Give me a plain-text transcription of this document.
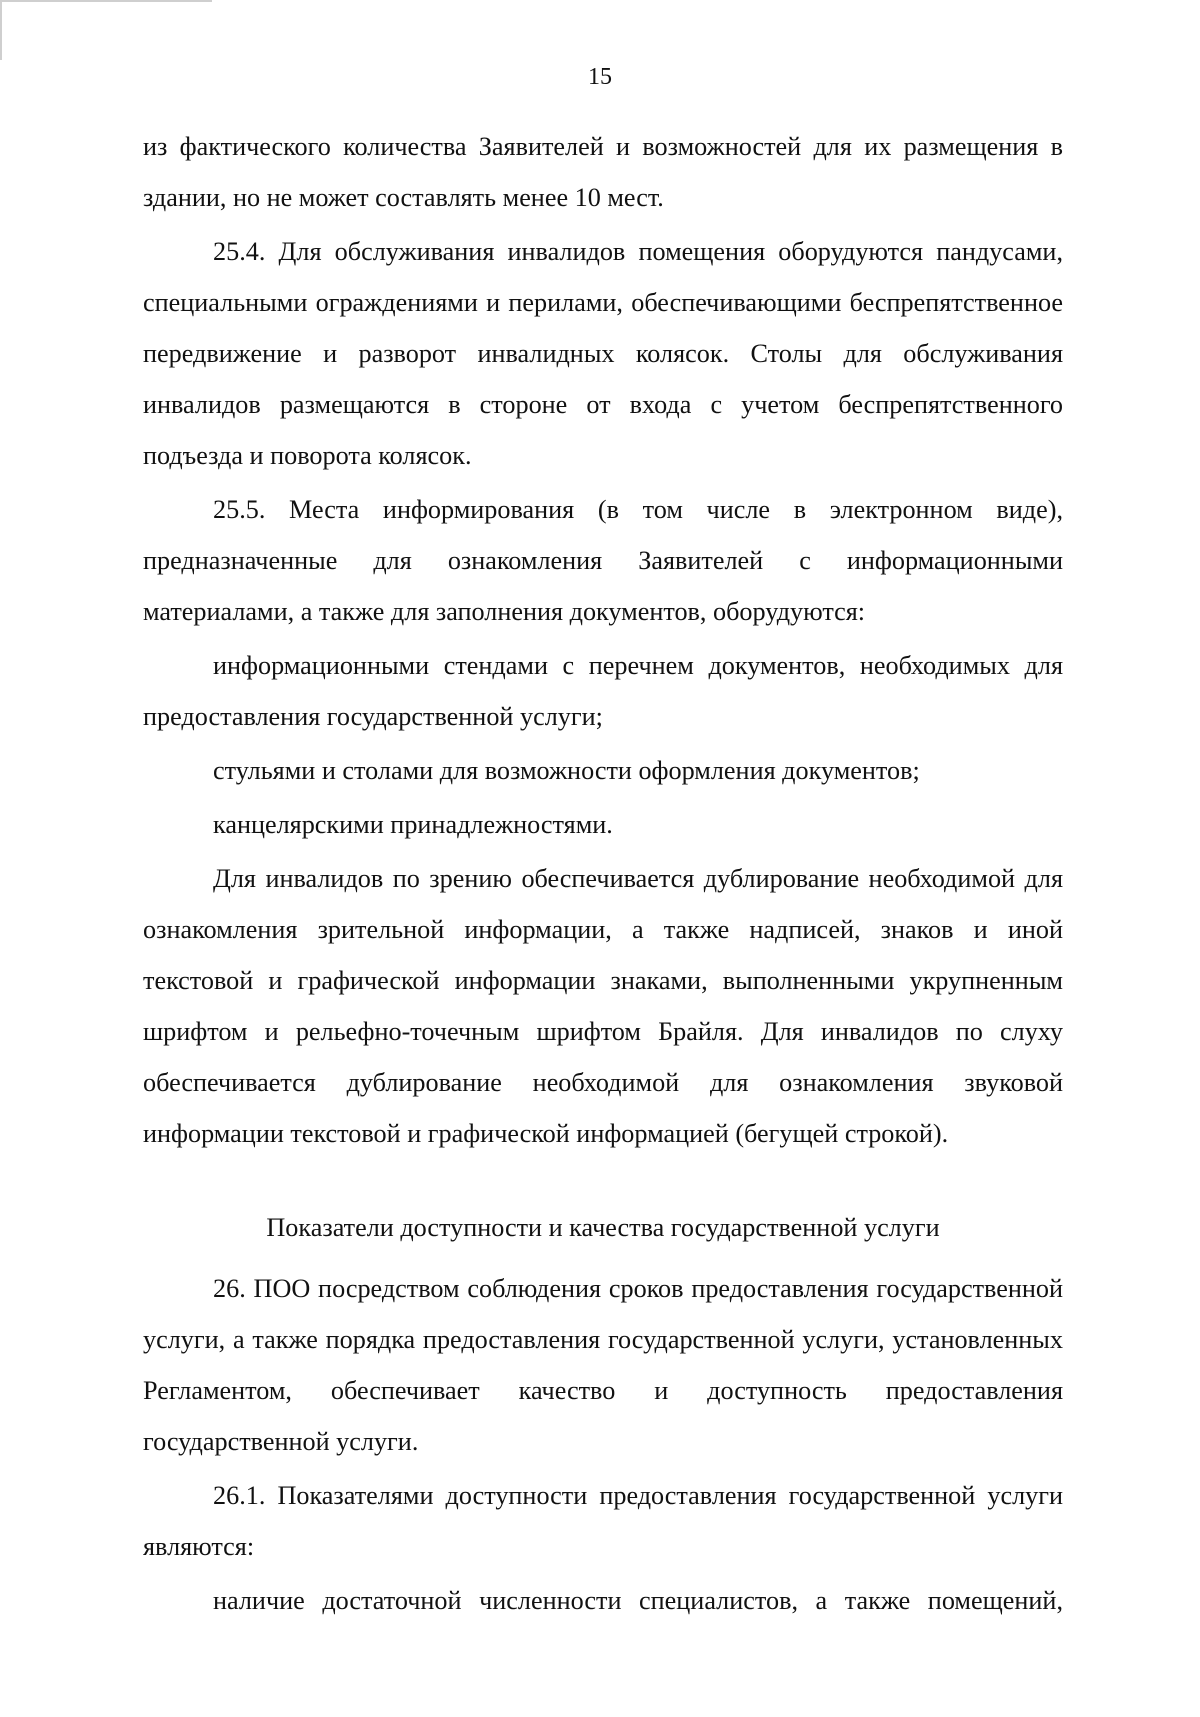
15

из фактического количества Заявителей и возможностей для их размещения в здании, но не может составлять менее 10 мест.

25.4. Для обслуживания инвалидов помещения оборудуются пандусами, специальными ограждениями и перилами, обеспечивающими беспрепятственное передвижение и разворот инвалидных колясок. Столы для обслуживания инвалидов размещаются в стороне от входа с учетом беспрепятственного подъезда и поворота колясок.

25.5. Места информирования (в том числе в электронном виде), предназначенные для ознакомления Заявителей с информационными материалами, а также для заполнения документов, оборудуются:

информационными стендами с перечнем документов, необходимых для предоставления государственной услуги;

стульями и столами для возможности оформления документов;

канцелярскими принадлежностями.

Для инвалидов по зрению обеспечивается дублирование необходимой для ознакомления зрительной информации, а также надписей, знаков и иной текстовой и графической информации знаками, выполненными укрупненным шрифтом и рельефно-точечным шрифтом Брайля. Для инвалидов по слуху обеспечивается дублирование необходимой для ознакомления звуковой информации текстовой и графической информацией (бегущей строкой).

Показатели доступности и качества государственной услуги

26. ПОО посредством соблюдения сроков предоставления государственной услуги, а также порядка предоставления государственной услуги, установленных Регламентом, обеспечивает качество и доступность предоставления государственной услуги.

26.1. Показателями доступности предоставления государственной услуги являются:

наличие достаточной численности специалистов, а также помещений,
